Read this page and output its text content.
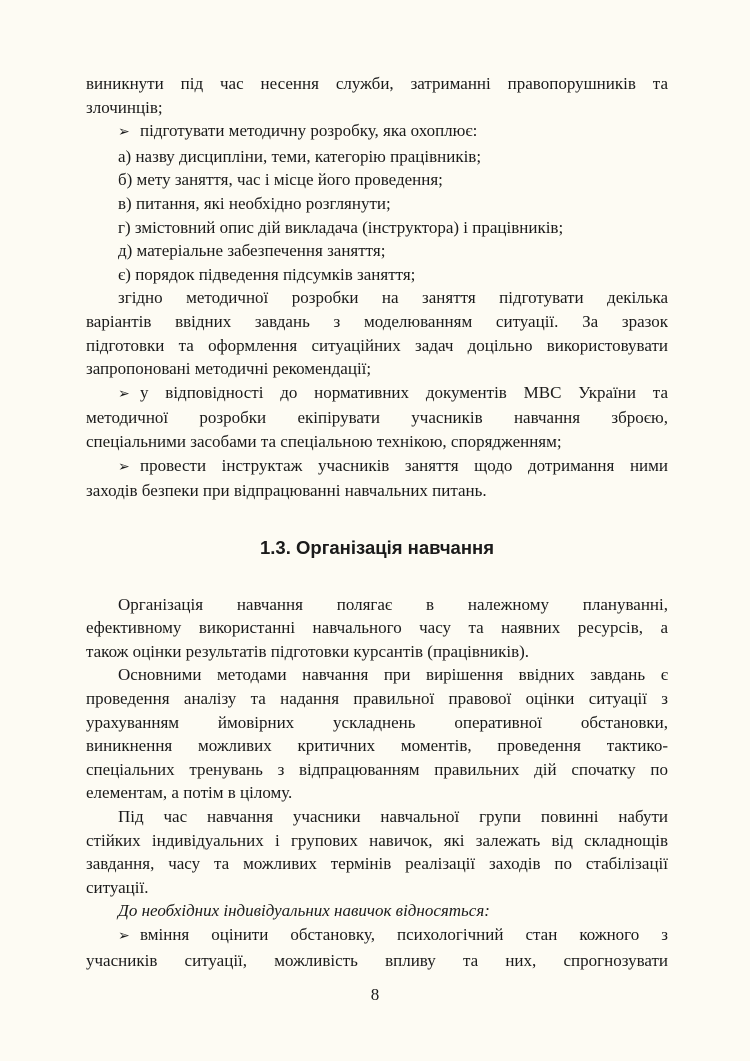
виникнути під час несення служби, затриманні правопорушників та

злочинців;

➢ підготувати методичну розробку, яка охоплює:

а) назву дисципліни, теми, категорію працівників;

б) мету заняття, час і місце його проведення;

в) питання, які необхідно розглянути;

г) змістовний опис дій викладача (інструктора) і працівників;

д) матеріальне забезпечення заняття;

є) порядок підведення підсумків заняття;

згідно методичної розробки на заняття підготувати декілька

варіантів ввідних завдань з моделюванням ситуації. За зразок

підготовки та оформлення ситуаційних задач доцільно використовувати

запропоновані методичні рекомендації;

➢ у відповідності до нормативних документів МВС України та

методичної розробки екіпірувати учасників навчання зброєю,

спеціальними засобами та спеціальною технікою, спорядженням;

➢ провести інструктаж учасників заняття щодо дотримання ними

заходів безпеки при відпрацюванні навчальних питань.

1.3. Організація навчання

Організація навчання полягає в належному плануванні,

ефективному використанні навчального часу та наявних ресурсів, а

також оцінки результатів підготовки курсантів (працівників).

Основними методами навчання при вирішення ввідних завдань є

проведення аналізу та надання правильної правової оцінки ситуації з

урахуванням ймовірних ускладнень оперативної обстановки,

виникнення можливих критичних моментів, проведення тактико-

спеціальних тренувань з відпрацюванням правильних дій спочатку по

елементам, а потім в цілому.

Під час навчання учасники навчальної групи повинні набути

стійких індивідуальних і групових навичок, які залежать від складнощів

завдання, часу та можливих термінів реалізації заходів по стабілізації

ситуації.

До необхідних індивідуальних навичок відносяться:

➢ вміння оцінити обстановку, психологічний стан кожного з

учасників ситуації, можливість впливу та них, спрогнозувати

8
